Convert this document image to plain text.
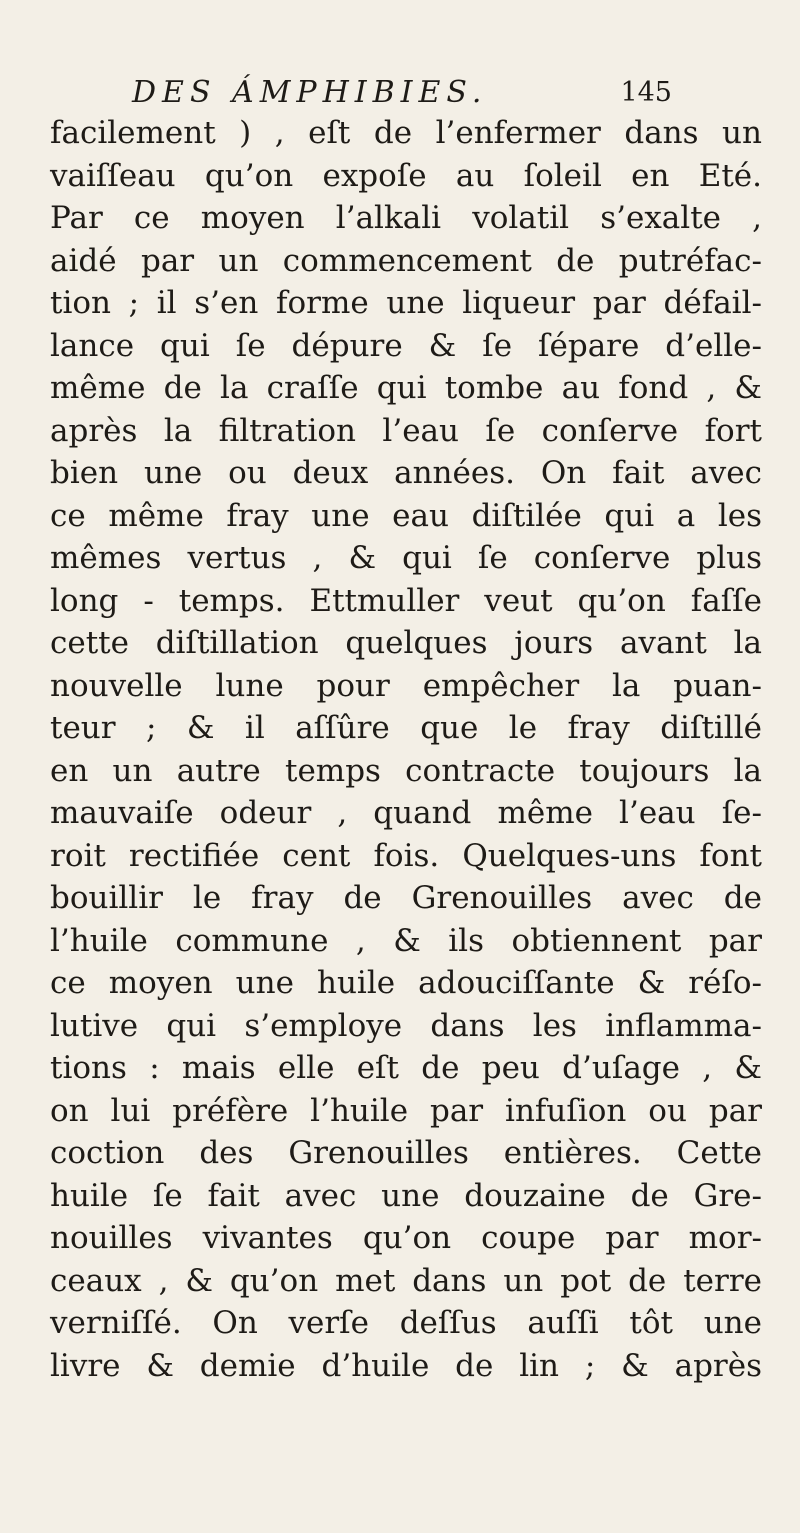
DES ÁMPHIBIES.	145
facilement ) , eſt de l’enfermer dans un
vaiſſeau qu’on expoſe au ſoleil en Eté.
Par ce moyen l’alkali volatil s’exalte ,
aidé par un commencement de putréfac-
tion ; il s’en forme une liqueur par défail-
lance qui ſe dépure & ſe ſépare d’elle-
même de la craſſe qui tombe au fond , &
après la filtration l’eau ſe conſerve fort
bien une ou deux années. On fait avec
ce même fray une eau diſtilée qui a les
mêmes vertus , & qui ſe conſerve plus
long - temps. Ettmuller veut qu’on faſſe
cette diſtillation quelques jours avant la
nouvelle lune pour empêcher la puan-
teur ; & il aſſûre que le fray diſtillé
en un autre temps contracte toujours la
mauvaiſe odeur , quand même l’eau ſe-
roit rectifiée cent fois. Quelques-uns font
bouillir le fray de Grenouilles avec de
l’huile commune , & ils obtiennent par
ce moyen une huile adouciſſante & réſo-
lutive qui s’employe dans les inflamma-
tions : mais elle eſt de peu d’uſage , &
on lui préfère l’huile par infuſion ou par
coction des Grenouilles entières. Cette
huile ſe fait avec une douzaine de Gre-
nouilles vivantes qu’on coupe par mor-
ceaux , & qu’on met dans un pot de terre
verniſſé. On verſe deſſus auſſi tôt une
livre & demie d’huile de lin ; & après
